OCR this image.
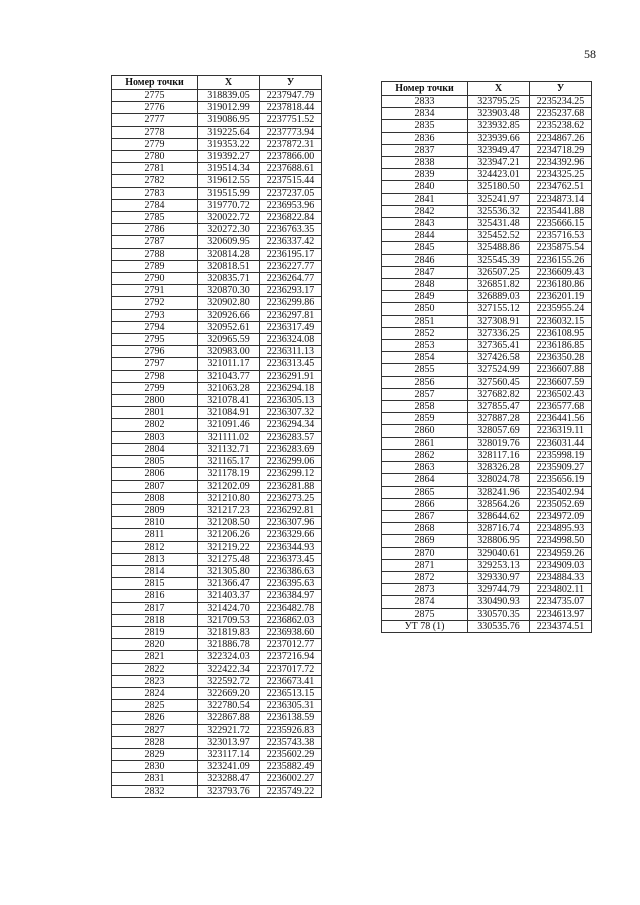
58
Номер точки	X	У
2775	318839.05	2237947.79
2776	319012.99	2237818.44
2777	319086.95	2237751.52
2778	319225.64	2237773.94
2779	319353.22	2237872.31
2780	319392.27	2237866.00
2781	319514.34	2237688.61
2782	319612.55	2237515.44
2783	319515.99	2237237.05
2784	319770.72	2236953.96
2785	320022.72	2236822.84
2786	320272.30	2236763.35
2787	320609.95	2236337.42
2788	320814.28	2236195.17
2789	320818.51	2236227.77
2790	320835.71	2236264.77
2791	320870.30	2236293.17
2792	320902.80	2236299.86
2793	320926.66	2236297.81
2794	320952.61	2236317.49
2795	320965.59	2236324.08
2796	320983.00	2236311.13
2797	321011.17	2236313.45
2798	321043.77	2236291.91
2799	321063.28	2236294.18
2800	321078.41	2236305.13
2801	321084.91	2236307.32
2802	321091.46	2236294.34
2803	321111.02	2236283.57
2804	321132.71	2236283.69
2805	321165.17	2236299.06
2806	321178.19	2236299.12
2807	321202.09	2236281.88
2808	321210.80	2236273.25
2809	321217.23	2236292.81
2810	321208.50	2236307.96
2811	321206.26	2236329.66
2812	321219.22	2236344.93
2813	321275.48	2236373.45
2814	321305.80	2236386.63
2815	321366.47	2236395.63
2816	321403.37	2236384.97
2817	321424.70	2236482.78
2818	321709.53	2236862.03
2819	321819.83	2236938.60
2820	321886.78	2237012.77
2821	322324.03	2237216.94
2822	322422.34	2237017.72
2823	322592.72	2236673.41
2824	322669.20	2236513.15
2825	322780.54	2236305.31
2826	322867.88	2236138.59
2827	322921.72	2235926.83
2828	323013.97	2235743.38
2829	323117.14	2235602.29
2830	323241.09	2235882.49
2831	323288.47	2236002.27
2832	323793.76	2235749.22
Номер точки	X	У
2833	323795.25	2235234.25
2834	323903.48	2235237.68
2835	323932.85	2235238.62
2836	323939.66	2234867.26
2837	323949.47	2234718.29
2838	323947.21	2234392.96
2839	324423.01	2234325.25
2840	325180.50	2234762.51
2841	325241.97	2234873.14
2842	325536.32	2235441.88
2843	325431.48	2235666.15
2844	325452.52	2235716.53
2845	325488.86	2235875.54
2846	325545.39	2236155.26
2847	326507.25	2236609.43
2848	326851.82	2236180.86
2849	326889.03	2236201.19
2850	327155.12	2235955.24
2851	327308.91	2236032.15
2852	327336.25	2236108.95
2853	327365.41	2236186.85
2854	327426.58	2236350.28
2855	327524.99	2236607.88
2856	327560.45	2236607.59
2857	327682.82	2236502.43
2858	327855.47	2236577.68
2859	327887.28	2236441.56
2860	328057.69	2236319.11
2861	328019.76	2236031.44
2862	328117.16	2235998.19
2863	328326.28	2235909.27
2864	328024.78	2235656.19
2865	328241.96	2235402.94
2866	328564.26	2235052.69
2867	328644.62	2234972.09
2868	328716.74	2234895.93
2869	328806.95	2234998.50
2870	329040.61	2234959.26
2871	329253.13	2234909.03
2872	329330.97	2234884.33
2873	329744.79	2234802.11
2874	330490.93	2234735.07
2875	330570.35	2234613.97
УТ 78 (1)	330535.76	2234374.51
